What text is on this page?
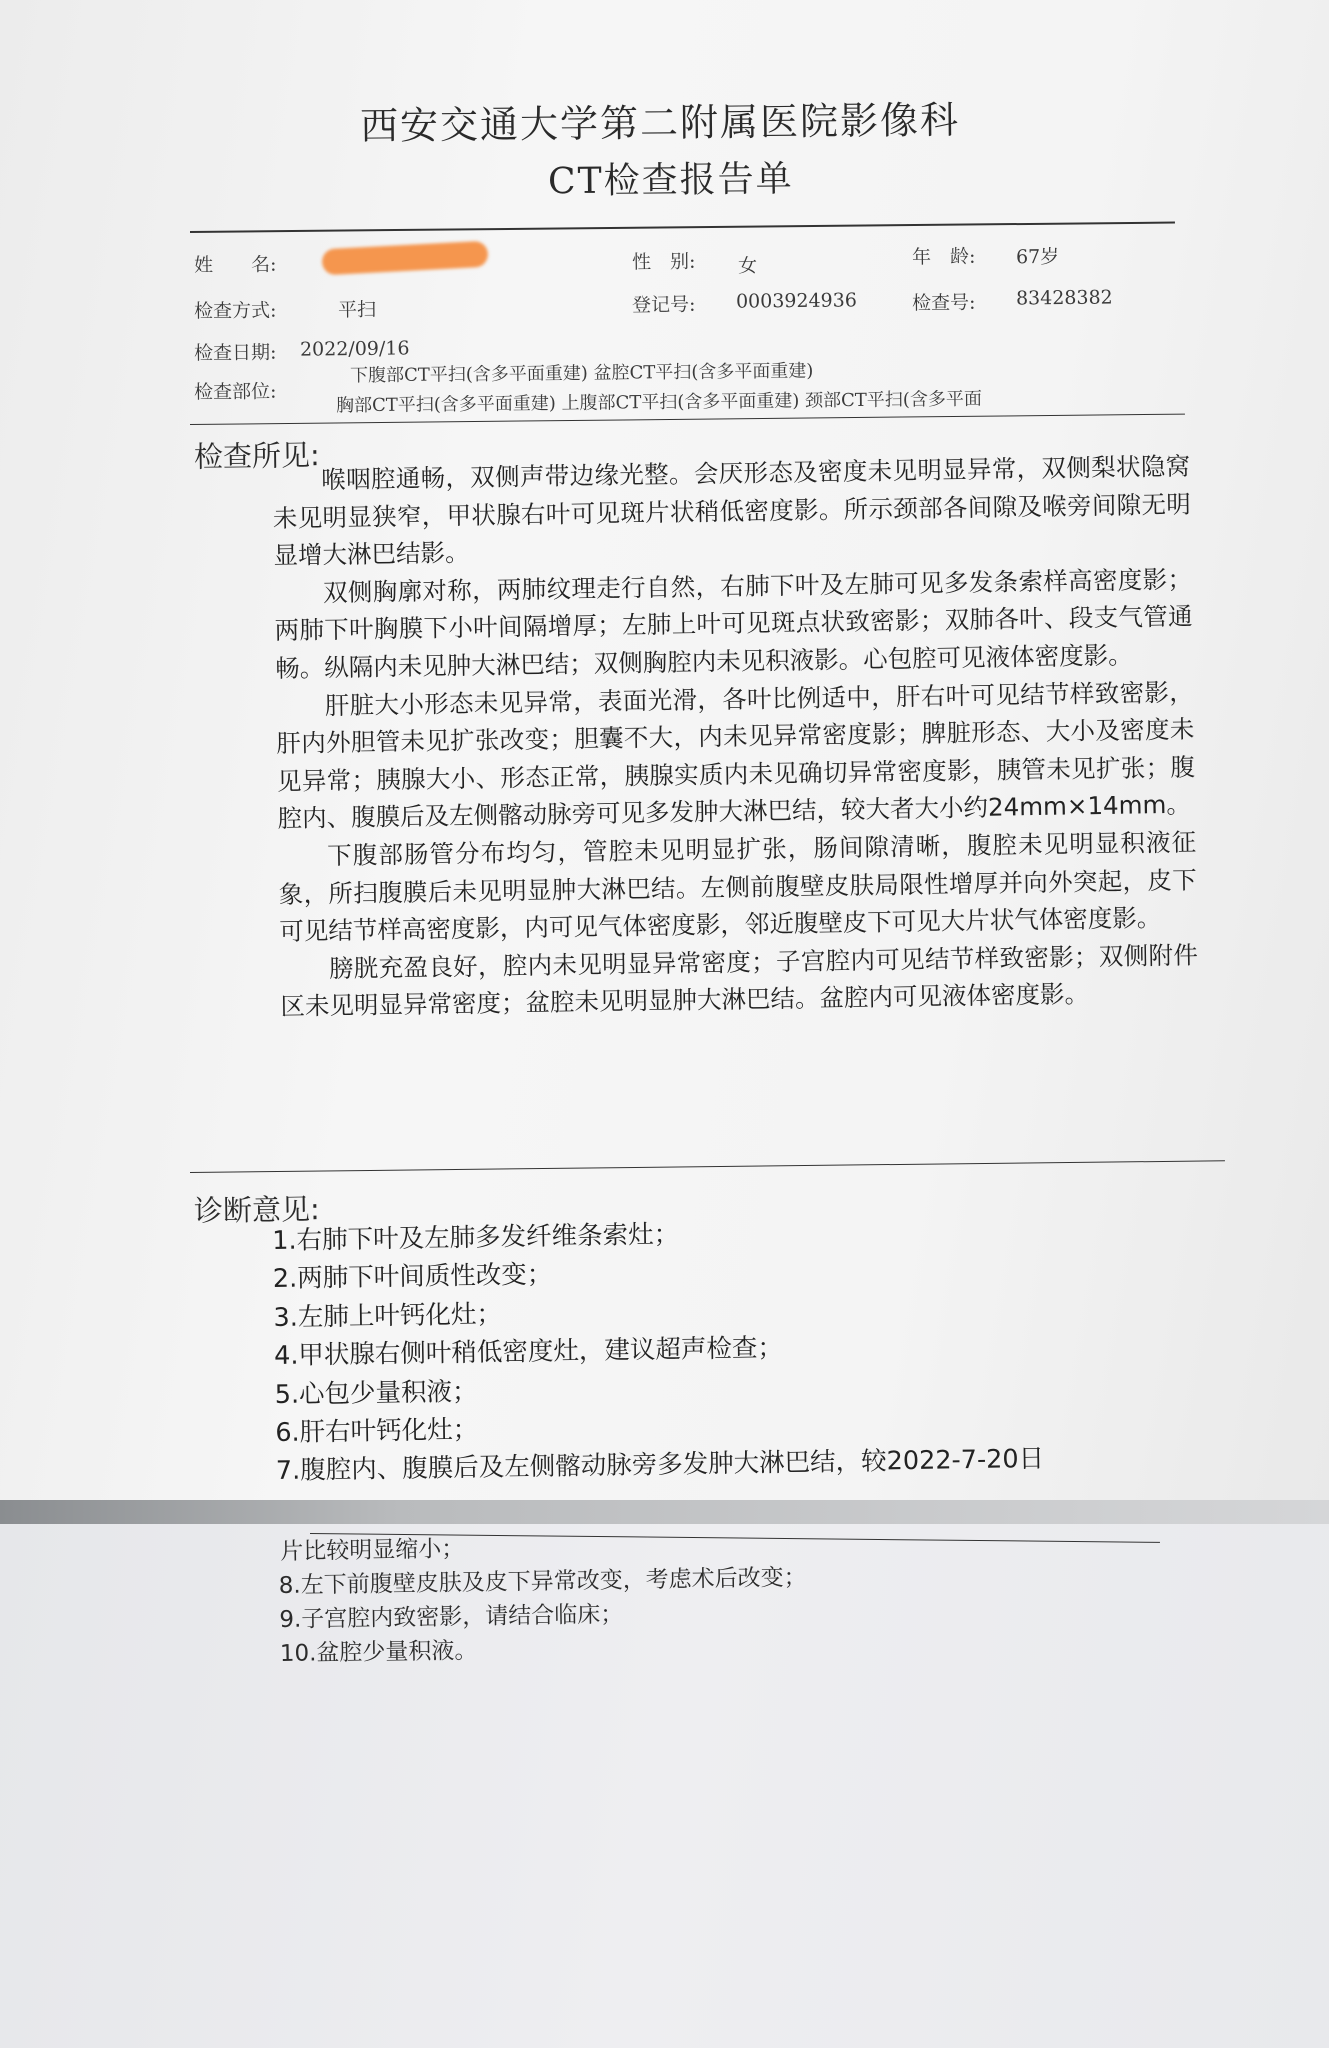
西安交通大学第二附属医院影像科
CT检查报告单
姓　　名:	性　别: 女	年　龄: 67岁
检查方式:	平扫	登记号: 0003924936	检查号: 83428382
检查日期: 2022/09/16
检查部位:
下腹部CT平扫(含多平面重建) 盆腔CT平扫(含多平面重建)
胸部CT平扫(含多平面重建) 上腹部CT平扫(含多平面重建) 颈部CT平扫(含多平面
检查所见: 喉咽腔通畅，双侧声带边缘光整。会厌形态及密度未见明显异常，双侧梨状隐窝未见明显狭窄，甲状腺右叶可见斑片状稍低密度影。所示颈部各间隙及喉旁间隙无明显增大淋巴结影。

双侧胸廓对称，两肺纹理走行自然，右肺下叶及左肺可见多发条索样高密度影；两肺下叶胸膜下小叶间隔增厚；左肺上叶可见斑点状致密影；双肺各叶、段支气管通畅。纵隔内未见肿大淋巴结；双侧胸腔内未见积液影。心包腔可见液体密度影。

肝脏大小形态未见异常，表面光滑，各叶比例适中，肝右叶可见结节样致密影，肝内外胆管未见扩张改变；胆囊不大，内未见异常密度影；脾脏形态、大小及密度未见异常；胰腺大小、形态正常，胰腺实质内未见确切异常密度影，胰管未见扩张；腹腔内、腹膜后及左侧髂动脉旁可见多发肿大淋巴结，较大者大小约24mm×14mm。

下腹部肠管分布均匀，管腔未见明显扩张，肠间隙清晰，腹腔未见明显积液征象，所扫腹膜后未见明显肿大淋巴结。左侧前腹壁皮肤局限性增厚并向外突起，皮下可见结节样高密度影，内可见气体密度影，邻近腹壁皮下可见大片状气体密度影。

膀胱充盈良好，腔内未见明显异常密度；子宫腔内可见结节样致密影；双侧附件区未见明显异常密度；盆腔未见明显肿大淋巴结。盆腔内可见液体密度影。

诊断意见:
1.右肺下叶及左肺多发纤维条索灶；
2.两肺下叶间质性改变；
3.左肺上叶钙化灶；
4.甲状腺右侧叶稍低密度灶，建议超声检查；
5.心包少量积液；
6.肝右叶钙化灶；
7.腹腔内、腹膜后及左侧髂动脉旁多发肿大淋巴结，较2022-7-20日
片比较明显缩小；
8.左下前腹壁皮肤及皮下异常改变，考虑术后改变；
9.子宫腔内致密影，请结合临床；
10.盆腔少量积液。
